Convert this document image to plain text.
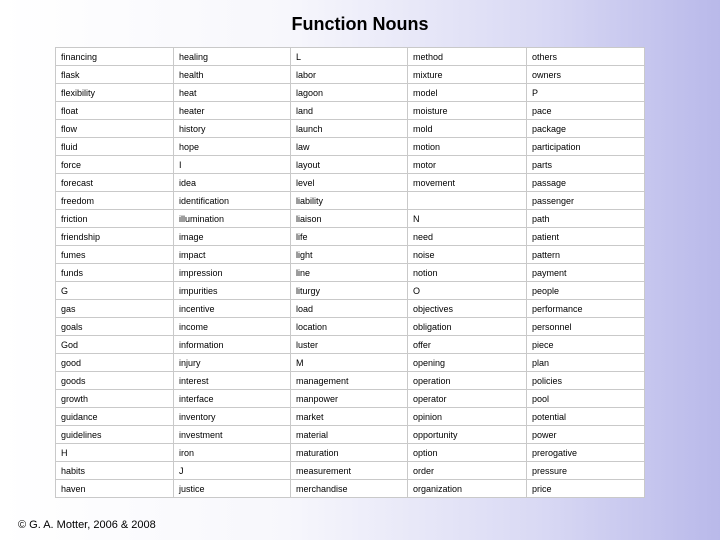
Function Nouns
financing	healing	L	method	others
flask	health	labor	mixture	owners
flexibility	heat	lagoon	model	P
float	heater	land	moisture	pace
flow	history	launch	mold	package
fluid	hope	law	motion	participation
force	I	layout	motor	parts
forecast	idea	level	movement	passage
freedom	identification	liability		passenger
friction	illumination	liaison	N	path
friendship	image	life	need	patient
fumes	impact	light	noise	pattern
funds	impression	line	notion	payment
G	impurities	liturgy	O	people
gas	incentive	load	objectives	performance
goals	income	location	obligation	personnel
God	information	luster	offer	piece
good	injury	M	opening	plan
goods	interest	management	operation	policies
growth	interface	manpower	operator	pool
guidance	inventory	market	opinion	potential
guidelines	investment	material	opportunity	power
H	iron	maturation	option	prerogative
habits	J	measurement	order	pressure
haven	justice	merchandise	organization	price
© G. A. Motter, 2006 & 2008
